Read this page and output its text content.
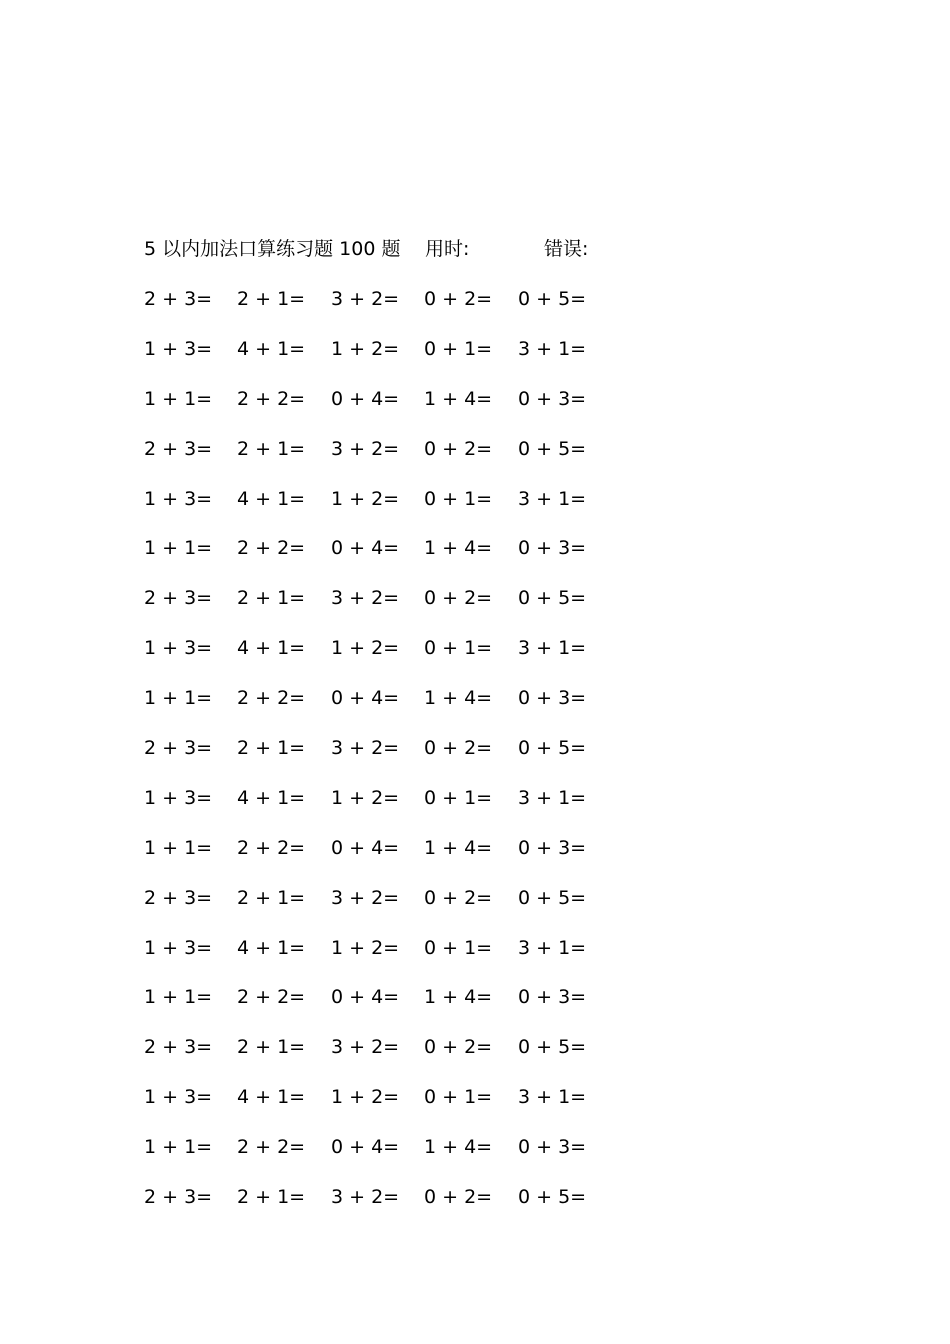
5 以内加法口算练习题 100 题 用时:	错误:
2 + 3= 2 + 1= 3 + 2= 0 + 2= 0 + 5=
1 + 3= 4 + 1= 1 + 2= 0 + 1= 3 + 1=
1 + 1= 2 + 2= 0 + 4= 1 + 4= 0 + 3=
2 + 3= 2 + 1= 3 + 2= 0 + 2= 0 + 5=
1 + 3= 4 + 1= 1 + 2= 0 + 1= 3 + 1=
1 + 1= 2 + 2= 0 + 4= 1 + 4= 0 + 3=
2 + 3= 2 + 1= 3 + 2= 0 + 2= 0 + 5=
1 + 3= 4 + 1= 1 + 2= 0 + 1= 3 + 1=
1 + 1= 2 + 2= 0 + 4= 1 + 4= 0 + 3=
2 + 3= 2 + 1= 3 + 2= 0 + 2= 0 + 5=
1 + 3= 4 + 1= 1 + 2= 0 + 1= 3 + 1=
1 + 1= 2 + 2= 0 + 4= 1 + 4= 0 + 3=
2 + 3= 2 + 1= 3 + 2= 0 + 2= 0 + 5=
1 + 3= 4 + 1= 1 + 2= 0 + 1= 3 + 1=
1 + 1= 2 + 2= 0 + 4= 1 + 4= 0 + 3=
2 + 3= 2 + 1= 3 + 2= 0 + 2= 0 + 5=
1 + 3= 4 + 1= 1 + 2= 0 + 1= 3 + 1=
1 + 1= 2 + 2= 0 + 4= 1 + 4= 0 + 3=
2 + 3= 2 + 1= 3 + 2= 0 + 2= 0 + 5=
